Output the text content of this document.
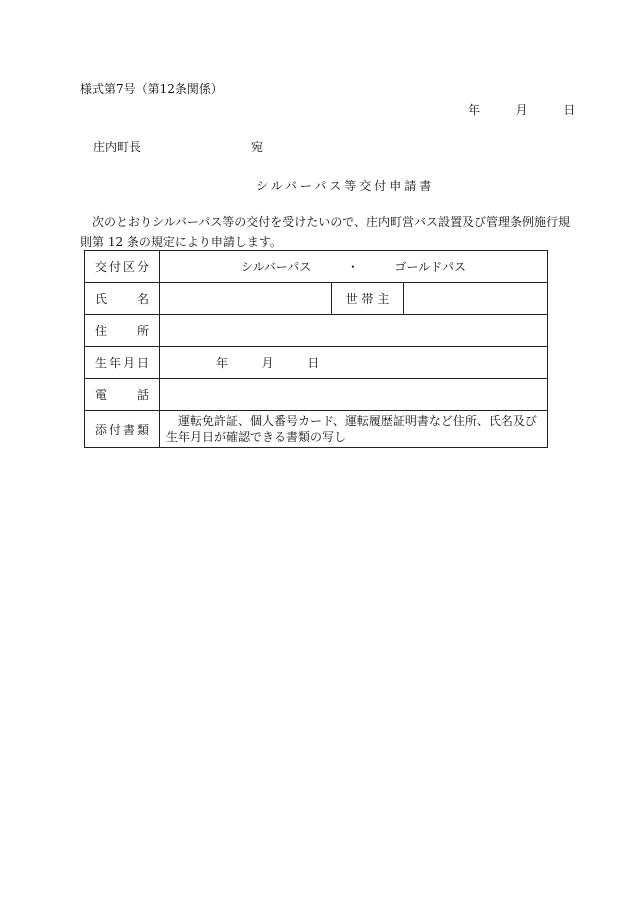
様式第7号（第12条関係）
年	月	日
庄内町長	宛
シルバーパス等交付申請書
次のとおりシルバーパス等の交付を受けたいので、庄内町営バス設置及び管理条例施行規則第 12 条の規定により申請します。
交付区分	シルバーパス ・ ゴールドパス		
氏　名		世 帯 主	
住　所			
生年月日	年 月 日		
電　話			
添付書類	運転免許証、個人番号カード、運転履歴証明書など住所、氏名及び
生年月日が確認できる書類の写し		
